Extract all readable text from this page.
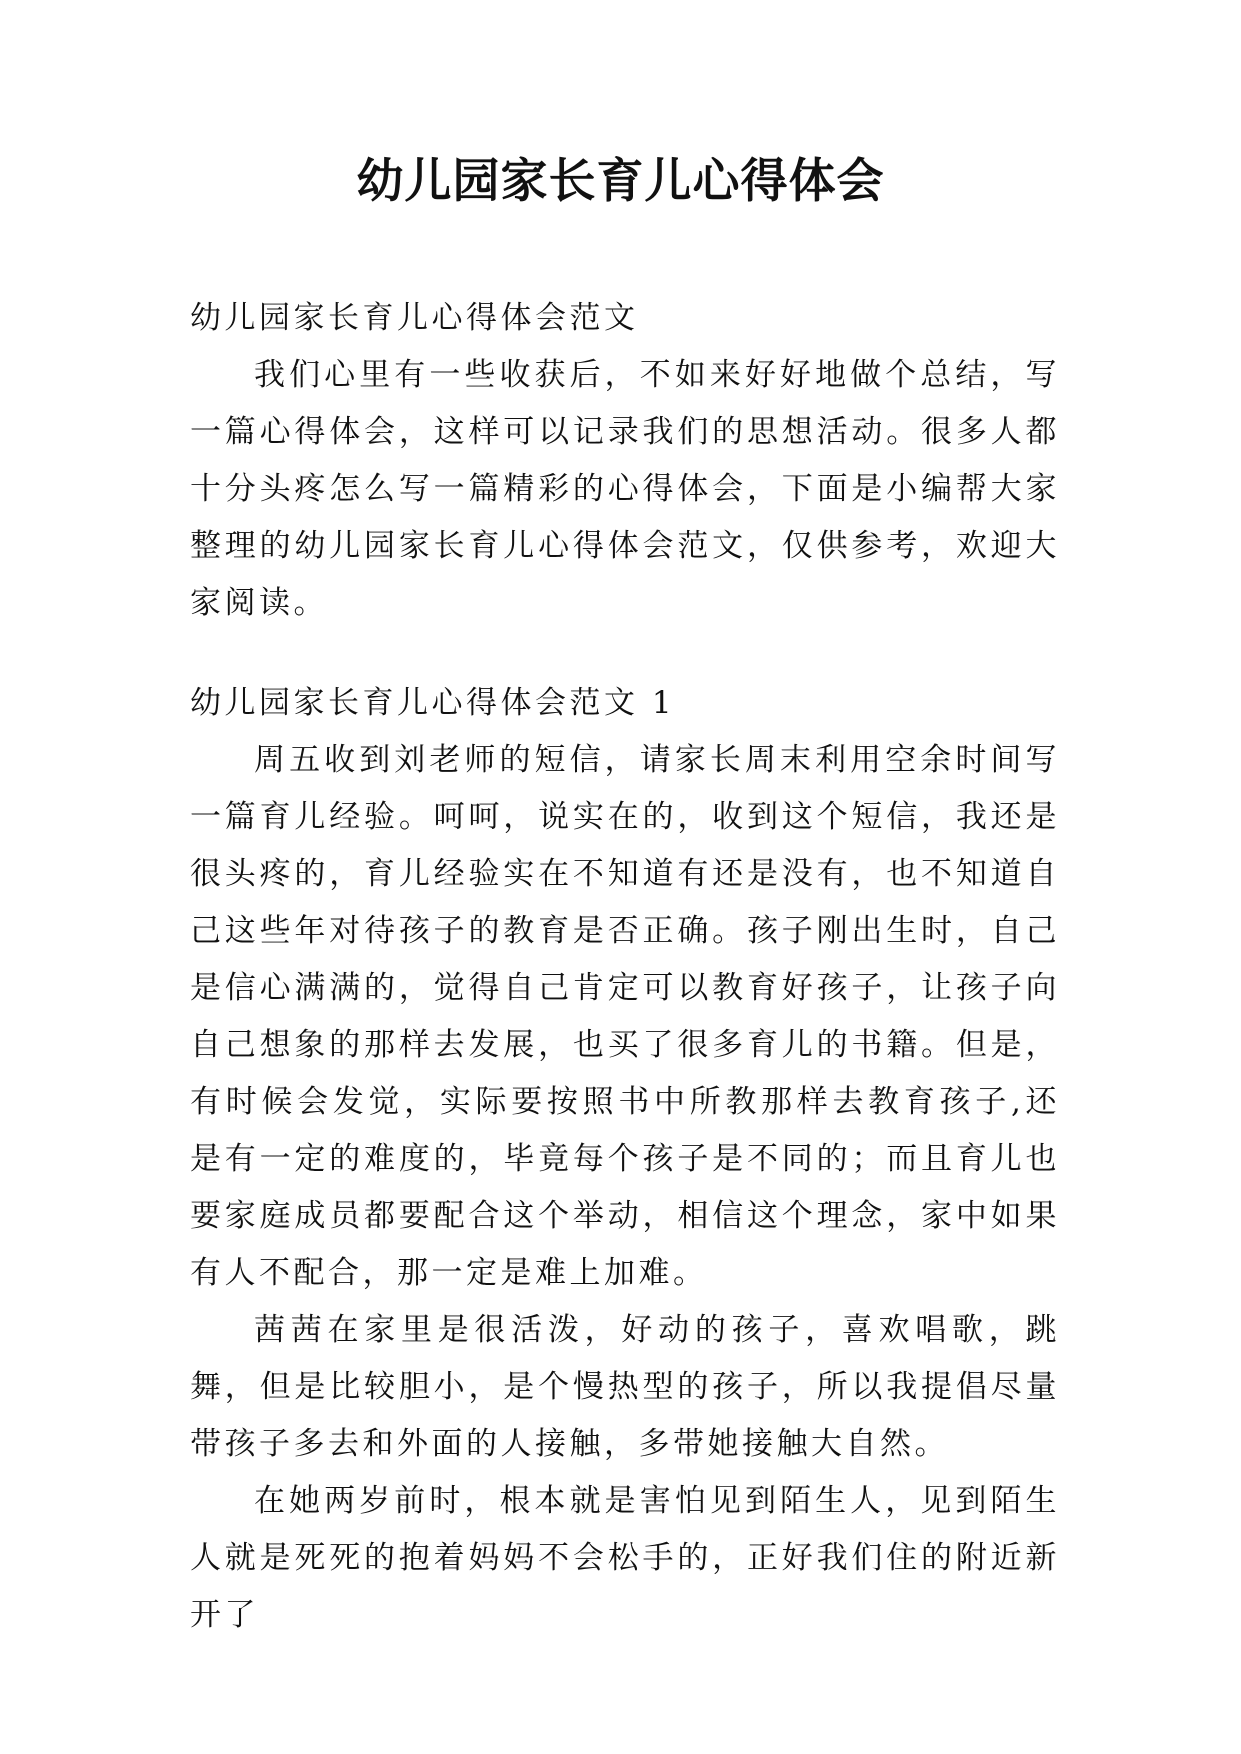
幼儿园家长育儿心得体会

幼儿园家长育儿心得体会范文

我们心里有一些收获后，不如来好好地做个总结，写一篇心得体会，这样可以记录我们的思想活动。很多人都十分头疼怎么写一篇精彩的心得体会，下面是小编帮大家整理的幼儿园家长育儿心得体会范文，仅供参考，欢迎大家阅读。

幼儿园家长育儿心得体会范文 1

周五收到刘老师的短信，请家长周末利用空余时间写一篇育儿经验。呵呵，说实在的，收到这个短信，我还是很头疼的，育儿经验实在不知道有还是没有，也不知道自己这些年对待孩子的教育是否正确。孩子刚出生时，自己是信心满满的，觉得自己肯定可以教育好孩子，让孩子向自己想象的那样去发展，也买了很多育儿的书籍。但是，有时候会发觉，实际要按照书中所教那样去教育孩子,还是有一定的难度的，毕竟每个孩子是不同的；而且育儿也要家庭成员都要配合这个举动，相信这个理念，家中如果有人不配合，那一定是难上加难。

茜茜在家里是很活泼，好动的孩子，喜欢唱歌，跳舞，但是比较胆小，是个慢热型的孩子，所以我提倡尽量带孩子多去和外面的人接触，多带她接触大自然。

在她两岁前时，根本就是害怕见到陌生人，见到陌生人就是死死的抱着妈妈不会松手的，正好我们住的附近新开了
